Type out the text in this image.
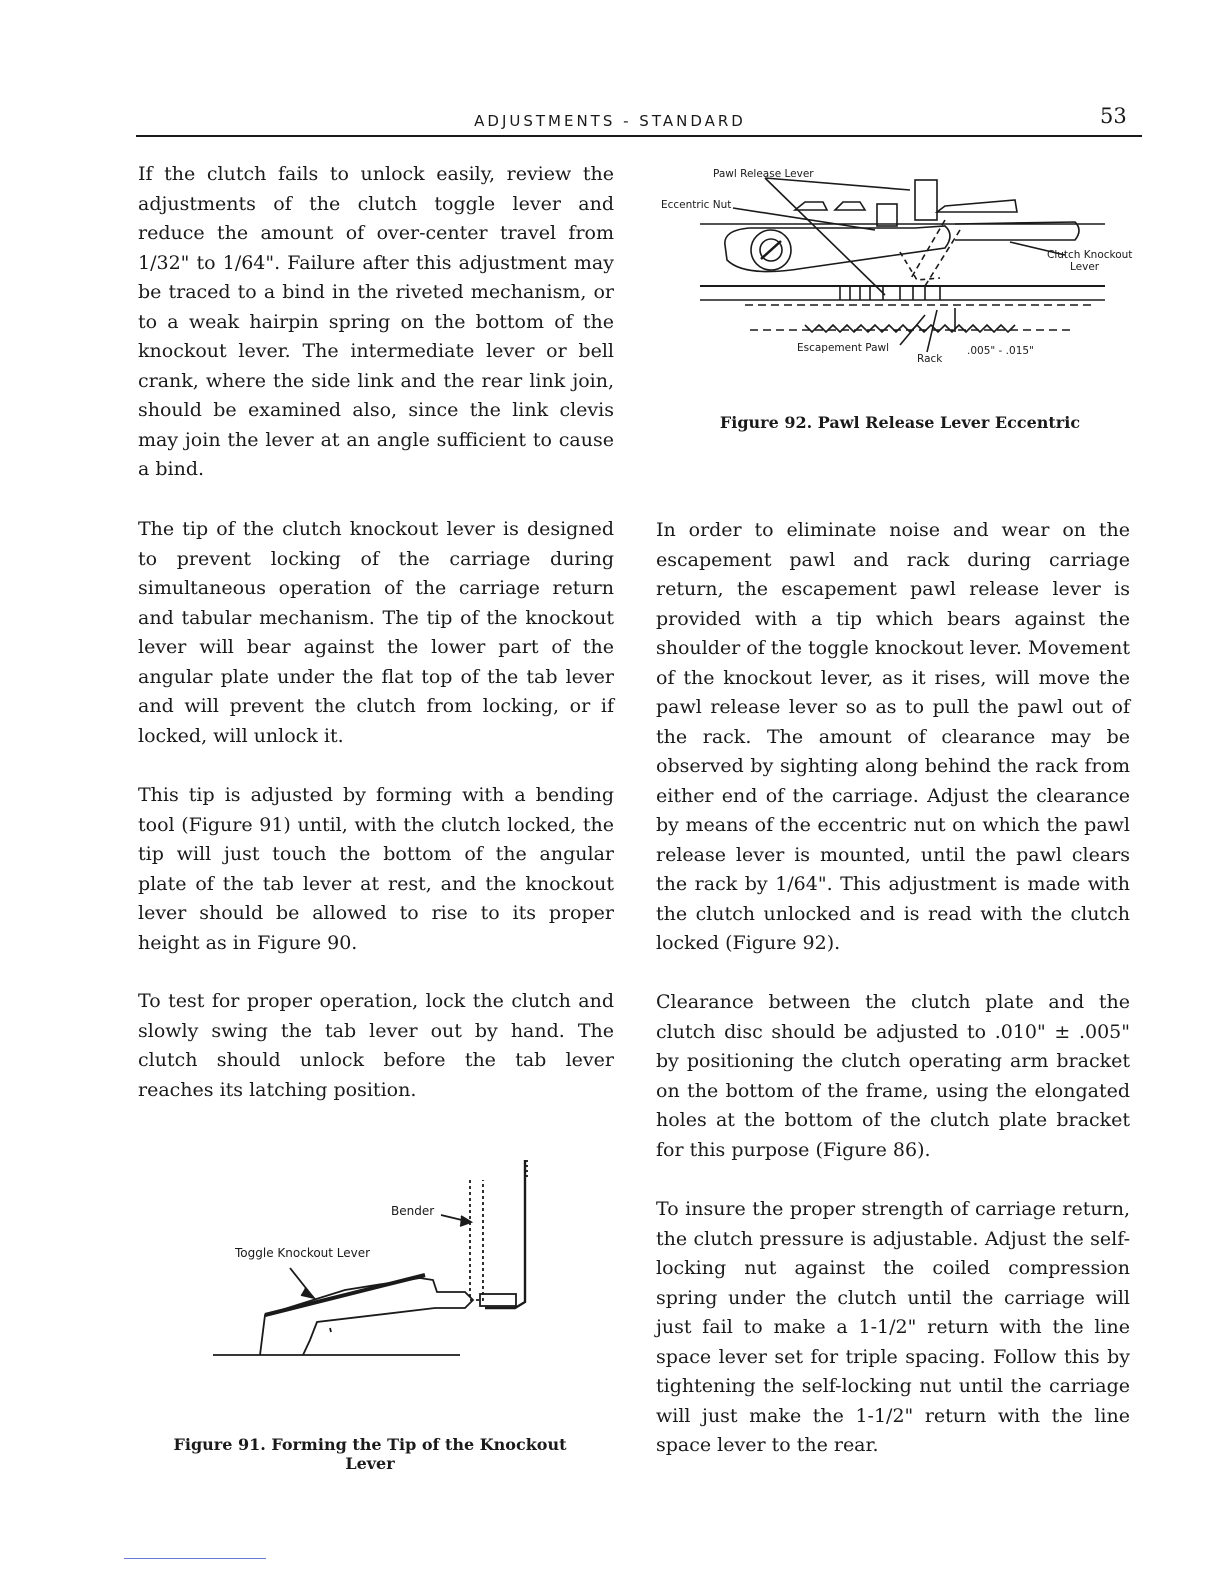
ADJUSTMENTS - STANDARD	53

If the clutch fails to unlock easily, review the adjustments of the clutch toggle lever and reduce the amount of over-center travel from 1/32" to 1/64". Failure after this adjustment may be traced to a bind in the riveted mechanism, or to a weak hairpin spring on the bottom of the knockout lever. The intermediate lever or bell crank, where the side link and the rear link join, should be examined also, since the link clevis may join the lever at an angle sufficient to cause a bind.

The tip of the clutch knockout lever is designed to prevent locking of the carriage during simultaneous operation of the carriage return and tabular mechanism. The tip of the knockout lever will bear against the lower part of the angular plate under the flat top of the tab lever and will prevent the clutch from locking, or if locked, will unlock it.

This tip is adjusted by forming with a bending tool (Figure 91) until, with the clutch locked, the tip will just touch the bottom of the angular plate of the tab lever at rest, and the knockout lever should be allowed to rise to its proper height as in Figure 90.

To test for proper operation, lock the clutch and slowly swing the tab lever out by hand. The clutch should unlock before the tab lever reaches its latching position.

In order to eliminate noise and wear on the escapement pawl and rack during carriage return, the escapement pawl release lever is provided with a tip which bears against the shoulder of the toggle knockout lever. Movement of the knockout lever, as it rises, will move the pawl release lever so as to pull the pawl out of the rack. The amount of clearance may be observed by sighting along behind the rack from either end of the carriage. Adjust the clearance by means of the eccentric nut on which the pawl release lever is mounted, until the pawl clears the rack by 1/64". This adjustment is made with the clutch unlocked and is read with the clutch locked (Figure 92).

Clearance between the clutch plate and the clutch disc should be adjusted to .010" ± .005" by positioning the clutch operating arm bracket on the bottom of the frame, using the elongated holes at the bottom of the clutch plate bracket for this purpose (Figure 86).

To insure the proper strength of carriage return, the clutch pressure is adjustable. Adjust the self-locking nut against the coiled compression spring under the clutch until the carriage will just fail to make a 1-1/2" return with the line space lever set for triple spacing. Follow this by tightening the self-locking nut until the carriage will just make the 1-1/2" return with the line space lever to the rear.

Pawl Release Lever
Eccentric Nut
Clutch Knockout
Lever
Escapement Pawl
Rack
.005" - .015"

Figure 92. Pawl Release Lever Eccentric

Bender
Toggle Knockout Lever

Figure 91. Forming the Tip of the Knockout Lever
